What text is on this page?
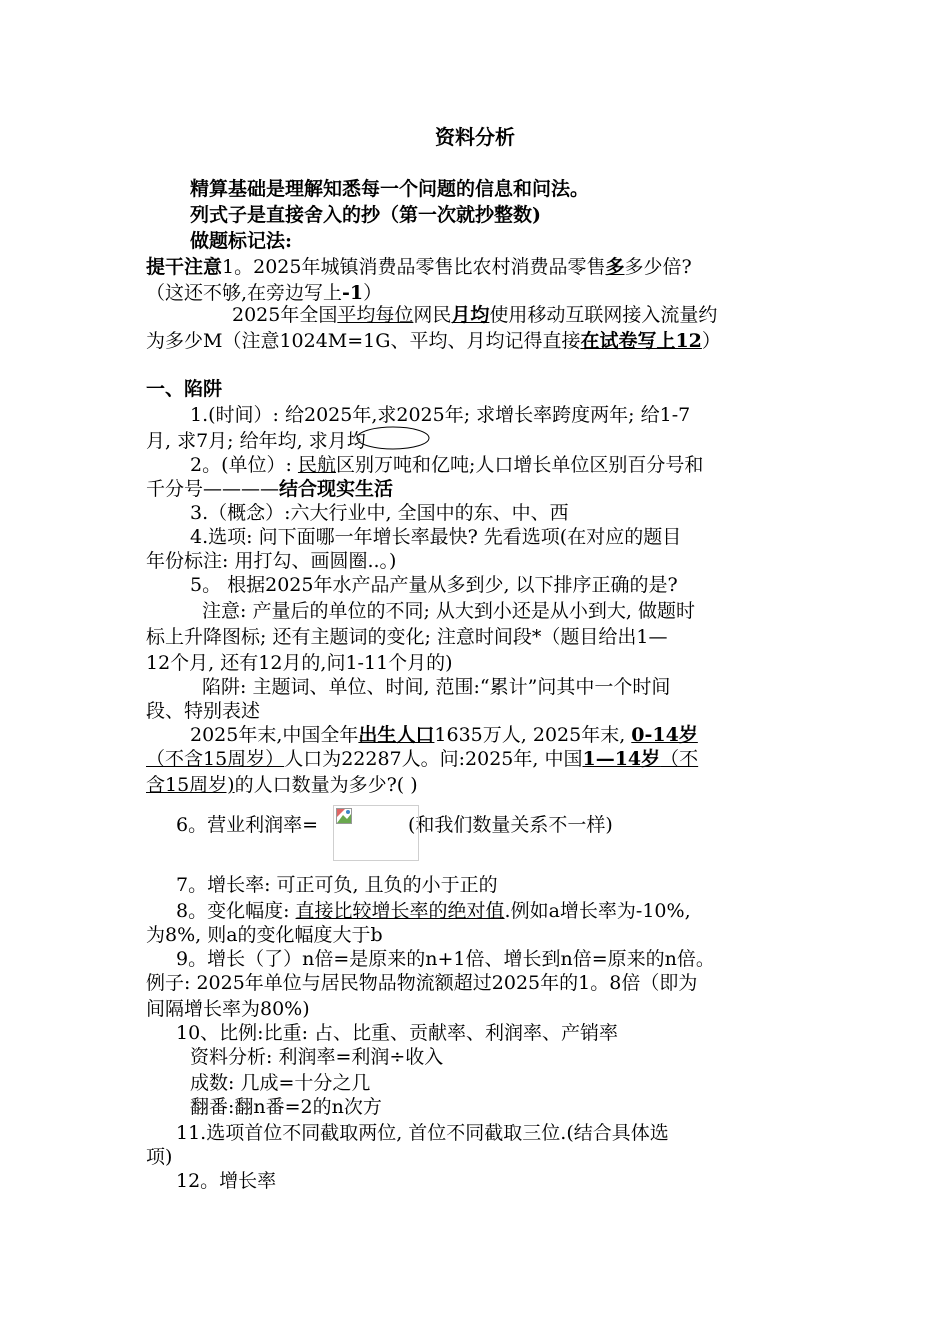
资料分析
精算基础是理解知悉每一个问题的信息和问法。
列式子是直接舍入的抄（第一次就抄整数)
做题标记法:
提干注意1。2025年城镇消费品零售比农村消费品零售多多少倍?
（这还不够,在旁边写上-1）
2025年全国平均每位网民月均使用移动互联网接入流量约
为多少M（注意1024M=1G、平均、月均记得直接在试卷写上12）
一、陷阱
1.(时间）: 给2025年,求2025年; 求增长率跨度两年; 给1-7
月, 求7月; 给年均, 求月均
2。(单位）: 民航区别万吨和亿吨;人口增长单位区别百分号和
千分号————结合现实生活
3.（概念）:六大行业中, 全国中的东、中、西
4.选项: 问下面哪一年增长率最快? 先看选项(在对应的题目
年份标注: 用打勾、画圆圈..。)
5。 根据2025年水产品产量从多到少, 以下排序正确的是?
注意: 产量后的单位的不同; 从大到小还是从小到大, 做题时
标上升降图标; 还有主题词的变化; 注意时间段*（题目给出1—
12个月, 还有12月的,问1-11个月的)
陷阱: 主题词、单位、时间, 范围:“累计”问其中一个时间
段、特别表述
2025年末,中国全年出生人口1635万人, 2025年末, 0-14岁
（不含15周岁）人口为22287人。问:2025年, 中国1—14岁（不
含15周岁)的人口数量为多少?( )
6。营业利润率=	(和我们数量关系不一样)
7。增长率: 可正可负, 且负的小于正的
8。变化幅度: 直接比较增长率的绝对值.例如a增长率为-10%,
为8%, 则a的变化幅度大于b
9。增长（了）n倍=是原来的n+1倍、增长到n倍=原来的n倍。
例子: 2025年单位与居民物品物流额超过2025年的1。8倍（即为
间隔增长率为80%)
10、比例:比重: 占、比重、贡献率、利润率、产销率
资料分析: 利润率=利润÷收入
成数: 几成=十分之几
翻番:翻n番=2的n次方
11.选项首位不同截取两位, 首位不同截取三位.(结合具体选
项)
12。增长率
